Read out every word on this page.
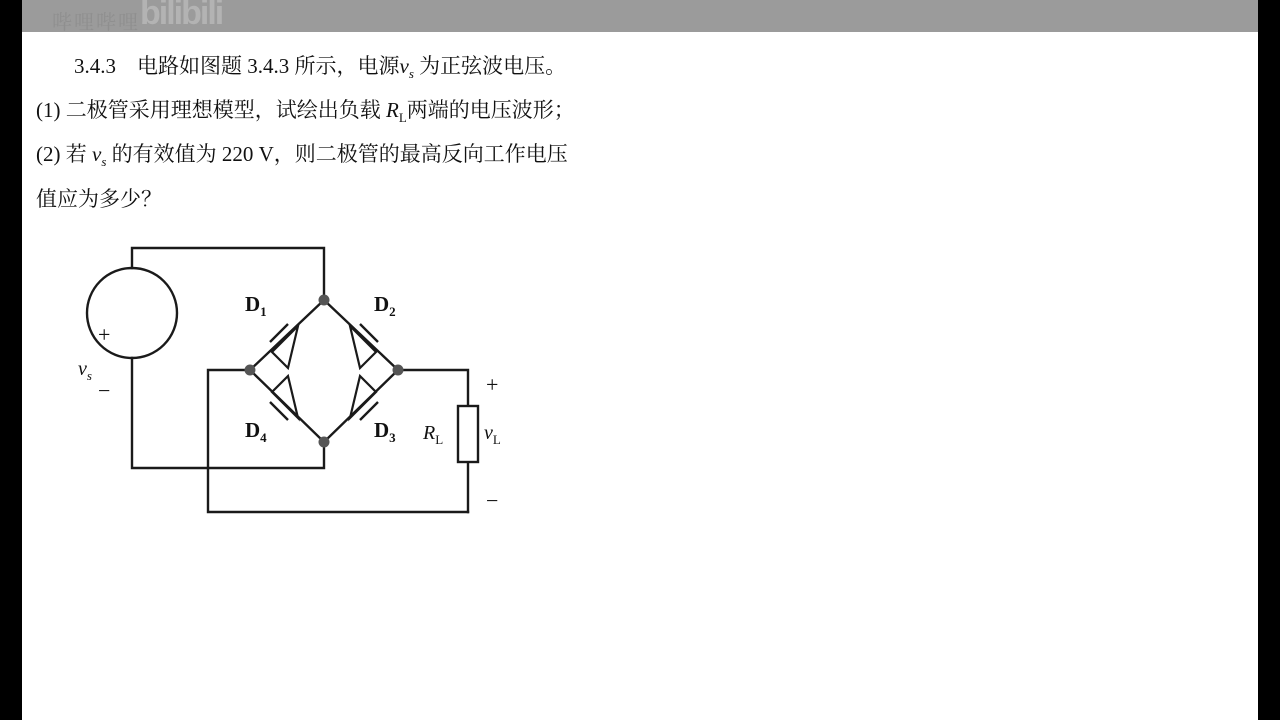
哔哩哔哩 bilibili
3.4.3 电路如图题 3.4.3 所示，电源$v_s$ 为正弦波电压。
(1) 二极管采用理想模型，试绘出负载 $R_L$两端的电压波形；
(2) 若 $v_s$ 的有效值为 220 V，则二极管的最高反向工作电压
值应为多少？
$v_s$
+
−
$D_1$	$D_2$
$D_3$
$D_4$	$R_L$ $v_L$
+
−
